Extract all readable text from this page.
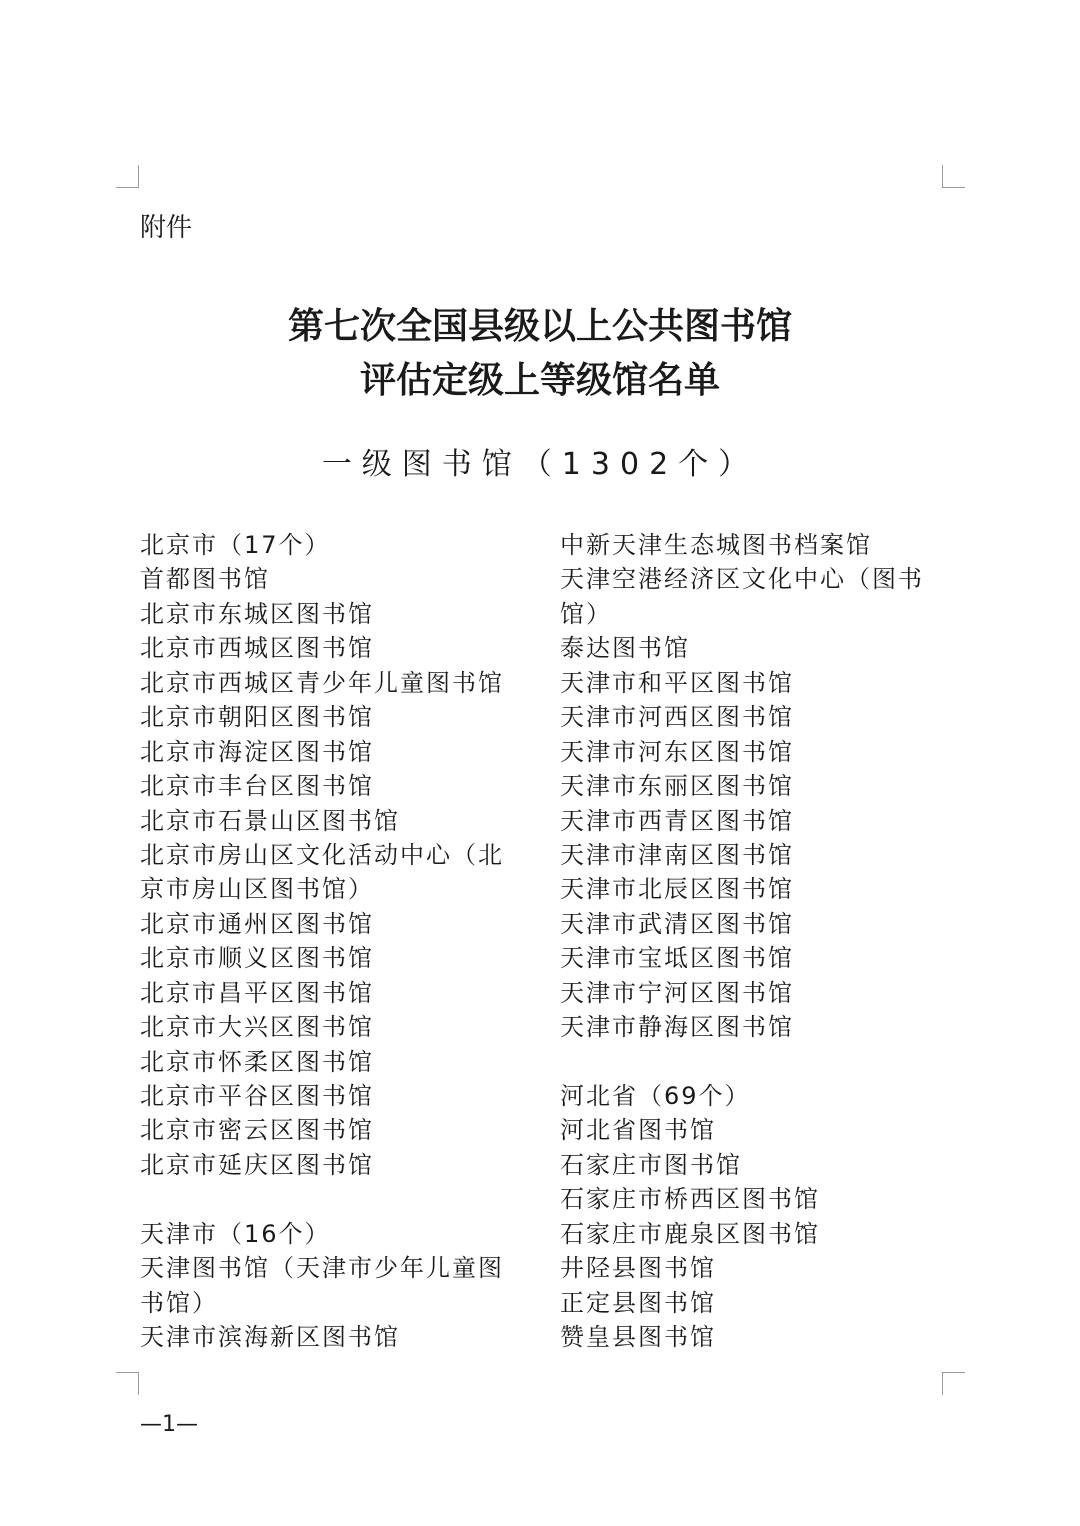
附件
第七次全国县级以上公共图书馆
评估定级上等级馆名单
一级图书馆（1302个）
北京市（17个）
首都图书馆
北京市东城区图书馆
北京市西城区图书馆
北京市西城区青少年儿童图书馆
北京市朝阳区图书馆
北京市海淀区图书馆
北京市丰台区图书馆
北京市石景山区图书馆
北京市房山区文化活动中心（北
京市房山区图书馆）
北京市通州区图书馆
北京市顺义区图书馆
北京市昌平区图书馆
北京市大兴区图书馆
北京市怀柔区图书馆
北京市平谷区图书馆
北京市密云区图书馆
北京市延庆区图书馆
天津市（16个）
天津图书馆（天津市少年儿童图
书馆）
天津市滨海新区图书馆
中新天津生态城图书档案馆
天津空港经济区文化中心（图书
馆）
泰达图书馆
天津市和平区图书馆
天津市河西区图书馆
天津市河东区图书馆
天津市东丽区图书馆
天津市西青区图书馆
天津市津南区图书馆
天津市北辰区图书馆
天津市武清区图书馆
天津市宝坻区图书馆
天津市宁河区图书馆
天津市静海区图书馆
河北省（69个）
河北省图书馆
石家庄市图书馆
石家庄市桥西区图书馆
石家庄市鹿泉区图书馆
井陉县图书馆
正定县图书馆
赞皇县图书馆
—1—
